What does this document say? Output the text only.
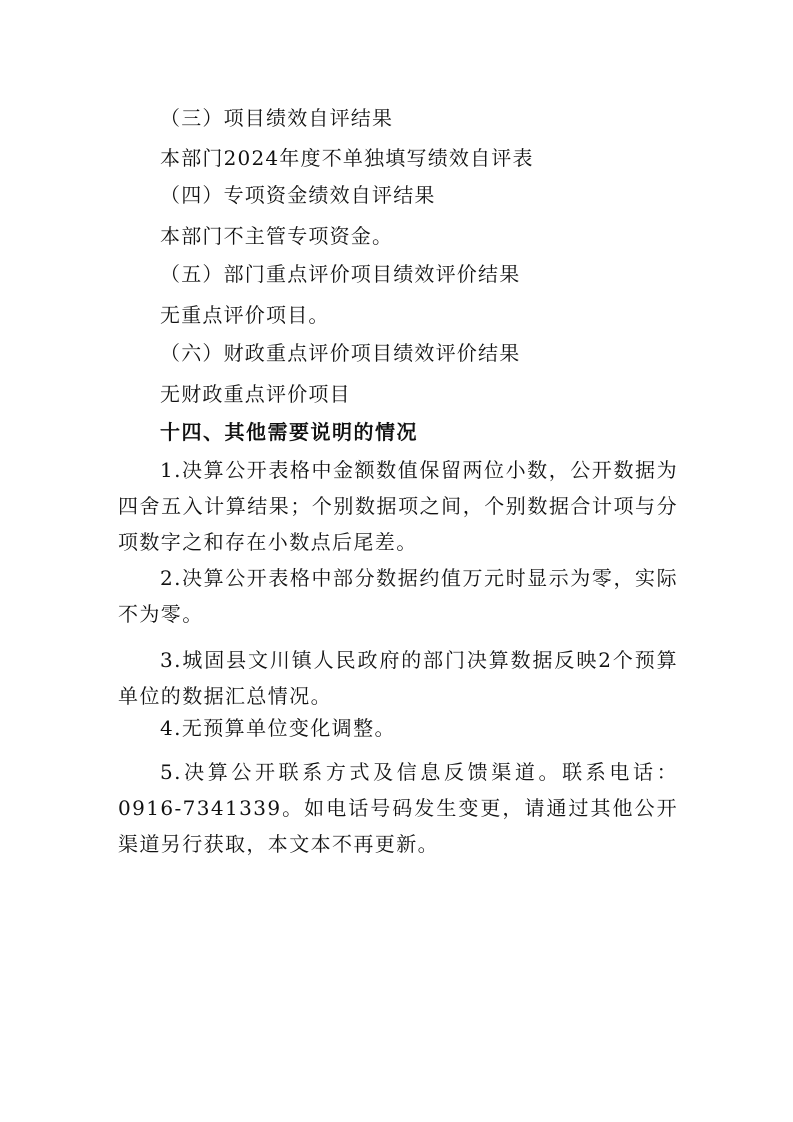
（三）项目绩效自评结果
本部门2024年度不单独填写绩效自评表
（四）专项资金绩效自评结果
本部门不主管专项资金。
（五）部门重点评价项目绩效评价结果
无重点评价项目。
（六）财政重点评价项目绩效评价结果
无财政重点评价项目
十四、其他需要说明的情况
1.决算公开表格中金额数值保留两位小数，公开数据为四舍五入计算结果；个别数据项之间，个别数据合计项与分项数字之和存在小数点后尾差。
2.决算公开表格中部分数据约值万元时显示为零，实际不为零。
3.城固县文川镇人民政府的部门决算数据反映2个预算单位的数据汇总情况。
4.无预算单位变化调整。
5.决算公开联系方式及信息反馈渠道。联系电话：0916-7341339。如电话号码发生变更，请通过其他公开渠道另行获取，本文本不再更新。
